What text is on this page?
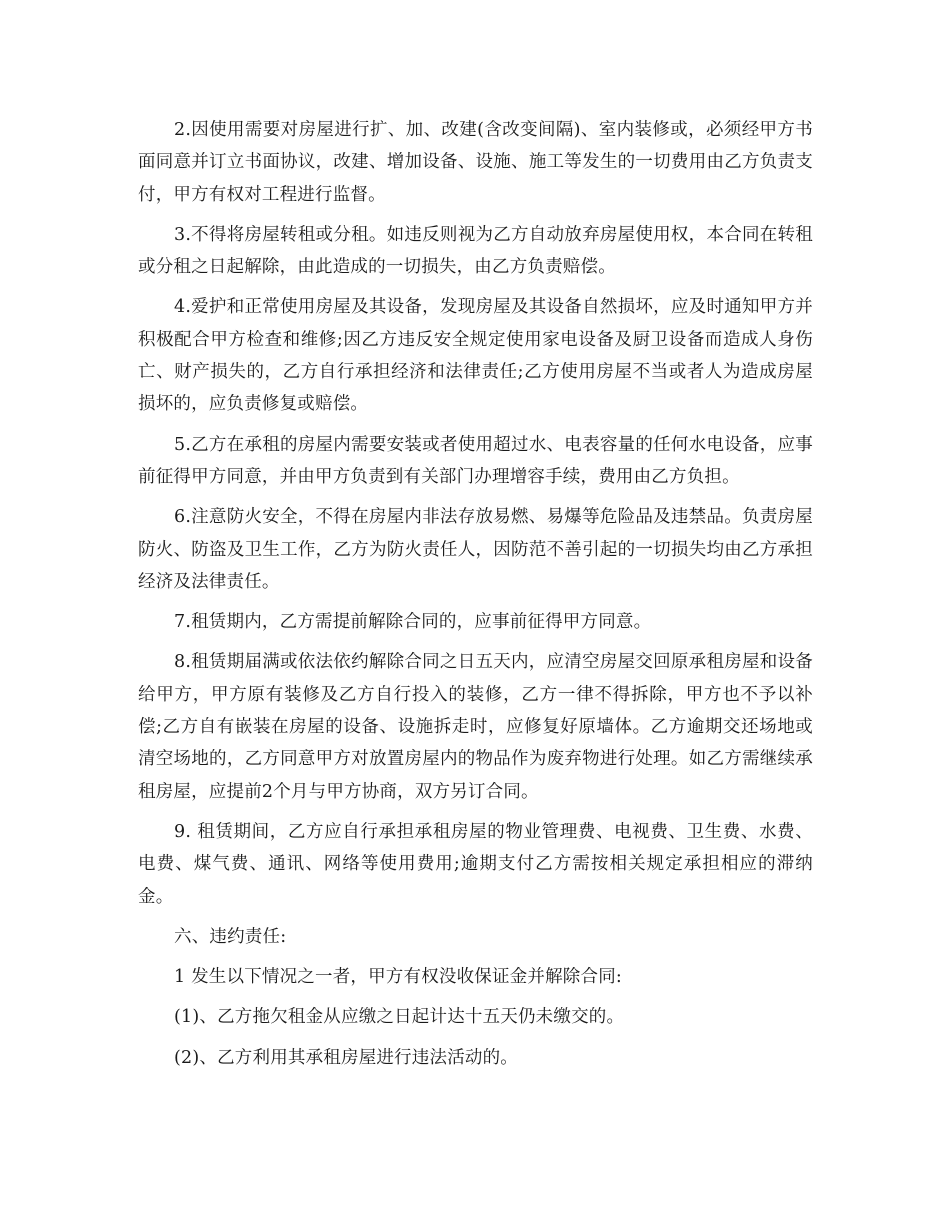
2.因使用需要对房屋进行扩、加、改建(含改变间隔)、室内装修或，必须经甲方书面同意并订立书面协议，改建、增加设备、设施、施工等发生的一切费用由乙方负责支付，甲方有权对工程进行监督。

3.不得将房屋转租或分租。如违反则视为乙方自动放弃房屋使用权，本合同在转租或分租之日起解除，由此造成的一切损失，由乙方负责赔偿。

4.爱护和正常使用房屋及其设备，发现房屋及其设备自然损坏，应及时通知甲方并积极配合甲方检查和维修;因乙方违反安全规定使用家电设备及厨卫设备而造成人身伤亡、财产损失的，乙方自行承担经济和法律责任;乙方使用房屋不当或者人为造成房屋损坏的，应负责修复或赔偿。

5.乙方在承租的房屋内需要安装或者使用超过水、电表容量的任何水电设备，应事前征得甲方同意，并由甲方负责到有关部门办理增容手续，费用由乙方负担。

6.注意防火安全，不得在房屋内非法存放易燃、易爆等危险品及违禁品。负责房屋防火、防盗及卫生工作，乙方为防火责任人，因防范不善引起的一切损失均由乙方承担经济及法律责任。

7.租赁期内，乙方需提前解除合同的，应事前征得甲方同意。

8.租赁期届满或依法依约解除合同之日五天内，应清空房屋交回原承租房屋和设备给甲方，甲方原有装修及乙方自行投入的装修，乙方一律不得拆除，甲方也不予以补偿;乙方自有嵌装在房屋的设备、设施拆走时，应修复好原墙体。乙方逾期交还场地或清空场地的，乙方同意甲方对放置房屋内的物品作为废弃物进行处理。如乙方需继续承租房屋，应提前2个月与甲方协商，双方另订合同。

9. 租赁期间，乙方应自行承担承租房屋的物业管理费、电视费、卫生费、水费、电费、煤气费、通讯、网络等使用费用;逾期支付乙方需按相关规定承担相应的滞纳金。

六、违约责任:

1 发生以下情况之一者，甲方有权没收保证金并解除合同:

(1)、乙方拖欠租金从应缴之日起计达十五天仍未缴交的。

(2)、乙方利用其承租房屋进行违法活动的。
